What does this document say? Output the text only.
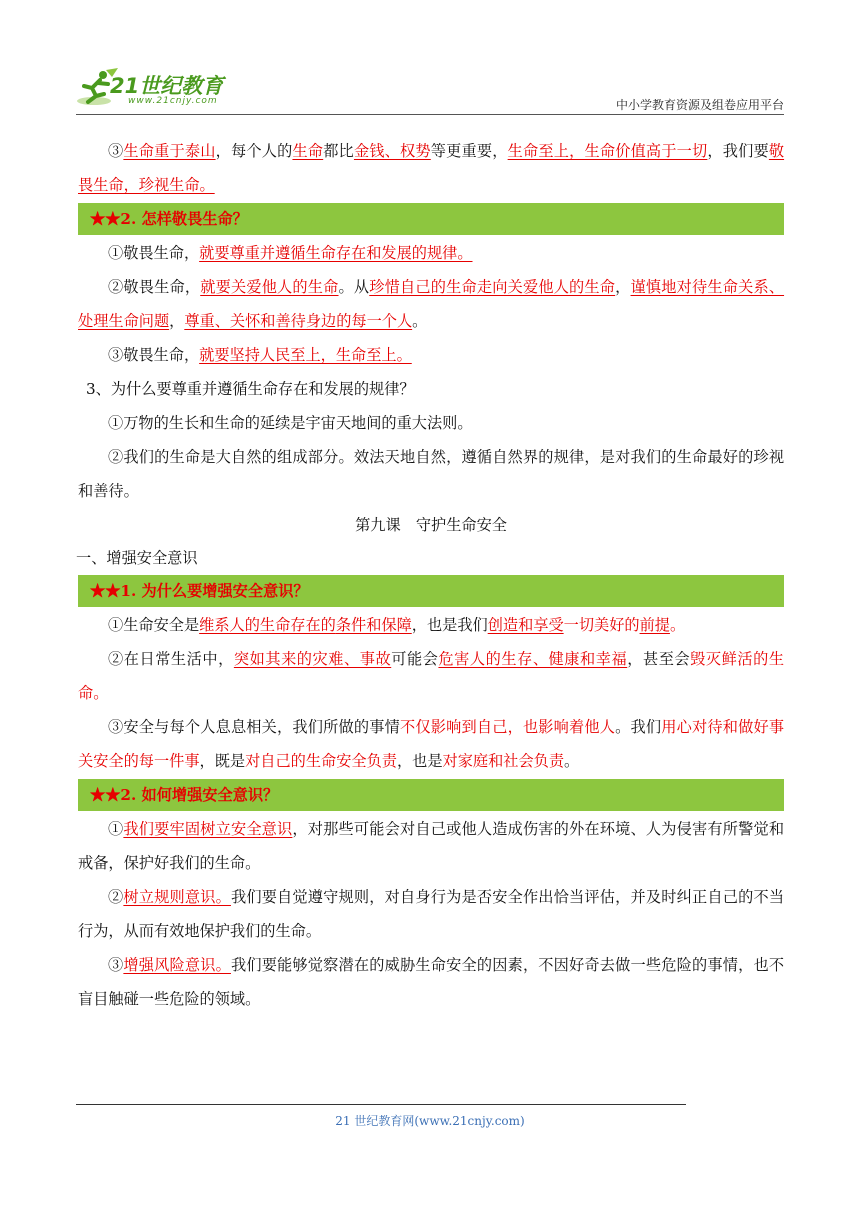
21世纪教育
www.21cnjy.com	中小学教育资源及组卷应用平台

③生命重于泰山，每个人的生命都比金钱、权势等更重要，生命至上，生命价值高于一切，我们要敬畏生命，珍视生命。

★★2. 怎样敬畏生命？

①敬畏生命，就要尊重并遵循生命存在和发展的规律。

②敬畏生命，就要关爱他人的生命。从珍惜自己的生命走向关爱他人的生命，谨慎地对待生命关系、处理生命问题，尊重、关怀和善待身边的每一个人。

③敬畏生命，就要坚持人民至上，生命至上。

3、为什么要尊重并遵循生命存在和发展的规律？

①万物的生长和生命的延续是宇宙天地间的重大法则。

②我们的生命是大自然的组成部分。效法天地自然，遵循自然界的规律，是对我们的生命最好的珍视和善待。

第九课　守护生命安全

一、增强安全意识

★★1. 为什么要增强安全意识？

①生命安全是维系人的生命存在的条件和保障，也是我们创造和享受一切美好的前提。

②在日常生活中，突如其来的灾难、事故可能会危害人的生存、健康和幸福，甚至会毁灭鲜活的生命。

③安全与每个人息息相关，我们所做的事情不仅影响到自己，也影响着他人。我们用心对待和做好事关安全的每一件事，既是对自己的生命安全负责，也是对家庭和社会负责。

★★2. 如何增强安全意识？

①我们要牢固树立安全意识，对那些可能会对自己或他人造成伤害的外在环境、人为侵害有所警觉和戒备，保护好我们的生命。

②树立规则意识。我们要自觉遵守规则，对自身行为是否安全作出恰当评估，并及时纠正自己的不当行为，从而有效地保护我们的生命。

③增强风险意识。我们要能够觉察潜在的威胁生命安全的因素，不因好奇去做一些危险的事情，也不盲目触碰一些危险的领域。

21 世纪教育网(www.21cnjy.com)
